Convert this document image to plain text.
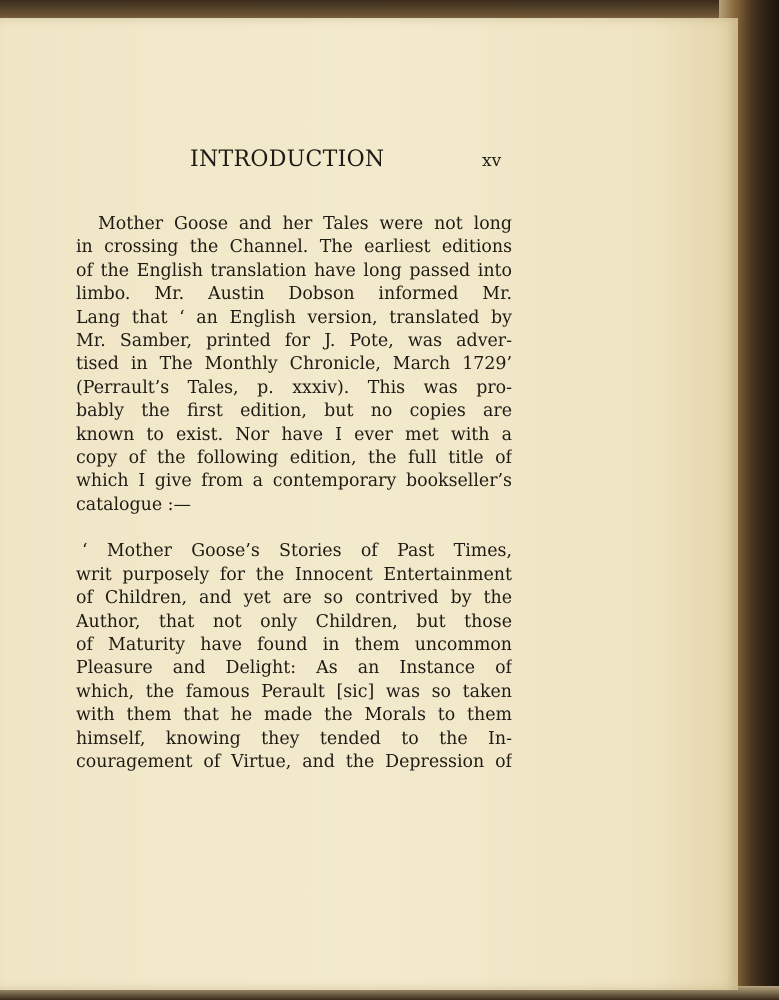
INTRODUCTION	xv
Mother Goose and her Tales were not long
in crossing the Channel. The earliest editions
of the English translation have long passed into
limbo. Mr. Austin Dobson informed Mr.
Lang that ‘ an English version, translated by
Mr. Samber, printed for J. Pote, was adver-
tised in The Monthly Chronicle, March 1729’
(Perrault’s Tales, p. xxxiv). This was pro-
bably the first edition, but no copies are
known to exist. Nor have I ever met with a
copy of the following edition, the full title of
which I give from a contemporary bookseller’s
catalogue :—
‘ Mother Goose’s Stories of Past Times,
writ purposely for the Innocent Entertainment
of Children, and yet are so contrived by the
Author, that not only Children, but those
of Maturity have found in them uncommon
Pleasure and Delight: As an Instance of
which, the famous Perault [sic] was so taken
with them that he made the Morals to them
himself, knowing they tended to the In-
couragement of Virtue, and the Depression of
